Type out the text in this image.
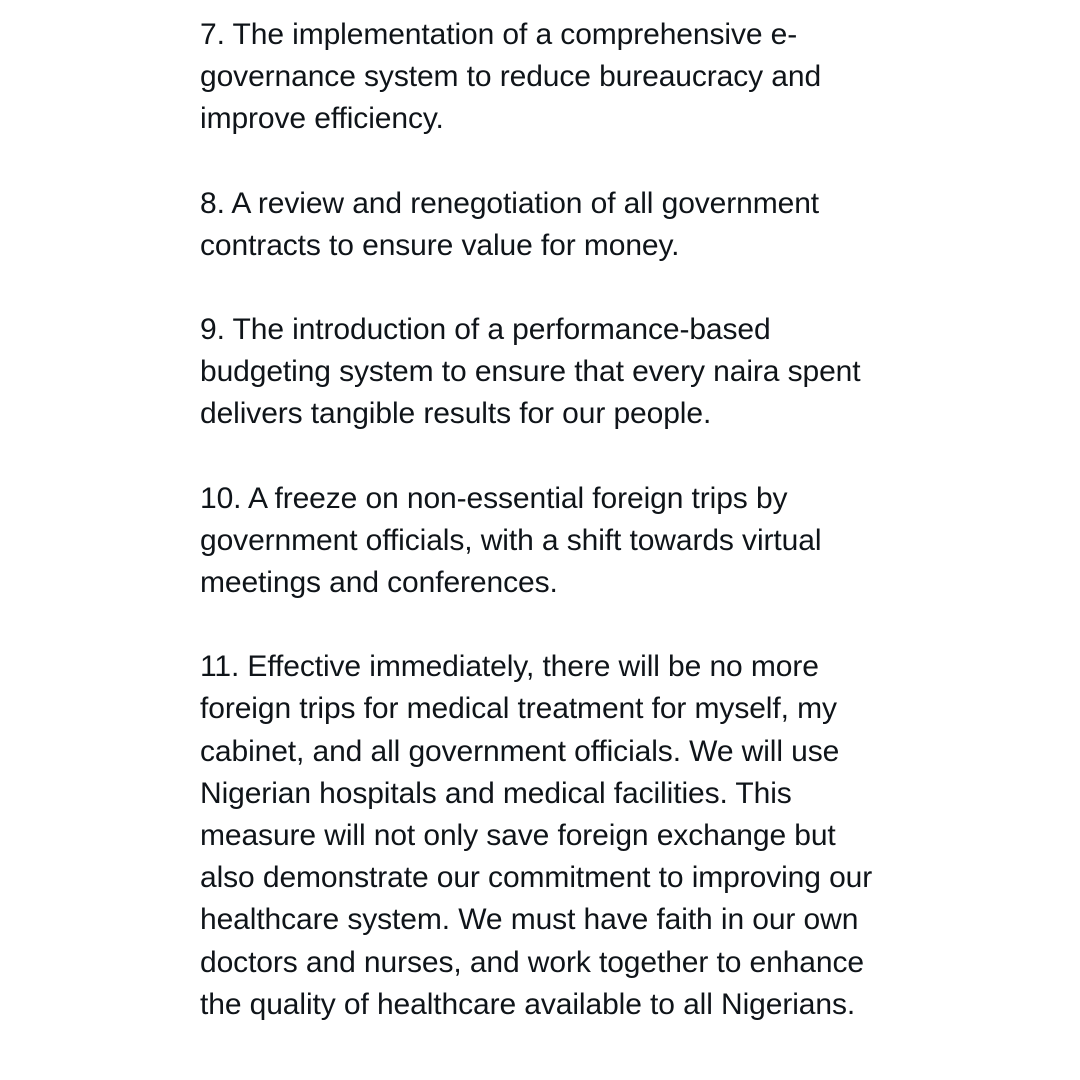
7. The implementation of a comprehensive e-governance system to reduce bureaucracy and improve efficiency.

8. A review and renegotiation of all government contracts to ensure value for money.

9. The introduction of a performance-based budgeting system to ensure that every naira spent delivers tangible results for our people.

10. A freeze on non-essential foreign trips by government officials, with a shift towards virtual meetings and conferences.

11. Effective immediately, there will be no more foreign trips for medical treatment for myself, my cabinet, and all government officials. We will use Nigerian hospitals and medical facilities. This measure will not only save foreign exchange but also demonstrate our commitment to improving our healthcare system. We must have faith in our own doctors and nurses, and work together to enhance the quality of healthcare available to all Nigerians.
